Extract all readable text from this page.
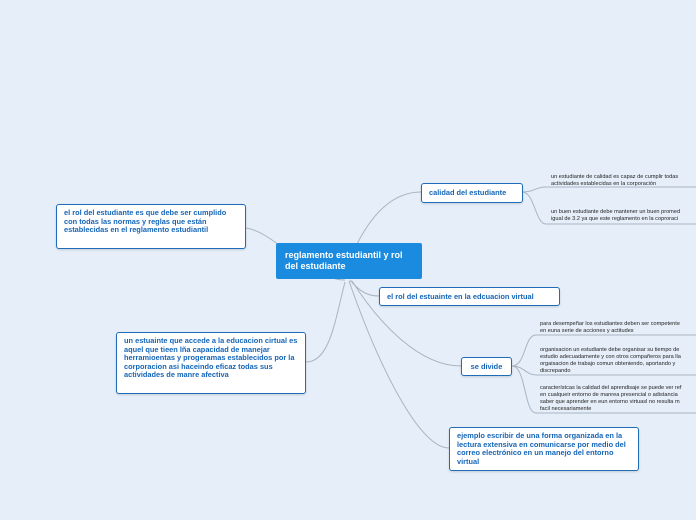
reglamento estudiantil y rol del estudiante
el rol del estudiante es que debe ser cumplido con todas las normas y reglas que están establecidas en el reglamento estudiantil
un estuainte que accede a la educacion cirtual es aquel que tieen lña capacidad de manejar herramioentas y progeramas establecidos por la corporacion asi haceindo eficaz todas sus actividades de manre afectiva
calidad del estudiante
el rol del estuainte en la edcuacion virtual
se divide
ejemplo escribir de una forma organizada en la lectura extensiva en comunicarse por medio del correo electrónico en un manejo del entorno virtual
un estudiante de calidad es capaz de cumplir todas
actividades establecidas en la corporación
un buen estudiante debe mantener un buen promed
igual de 3.2 ya que este reglamento en la coproraci
para desempeñar los estudiantes deben ser competente
en euna serie de acciones y actitudes
organisacion un estudiante debe organisar su tiempo de
estudio adecuadamente y con otros compañeros para lla
orgaisacion de trabajo comun obteniendo, aportando y
discrepando
característcas la calidad del aprendisaje se puede ver ref
en cualqueir entorno de manrea presencial o adistancia
saber que aprender en eun entorno virtuasl no resulta m
facil necesariamente
